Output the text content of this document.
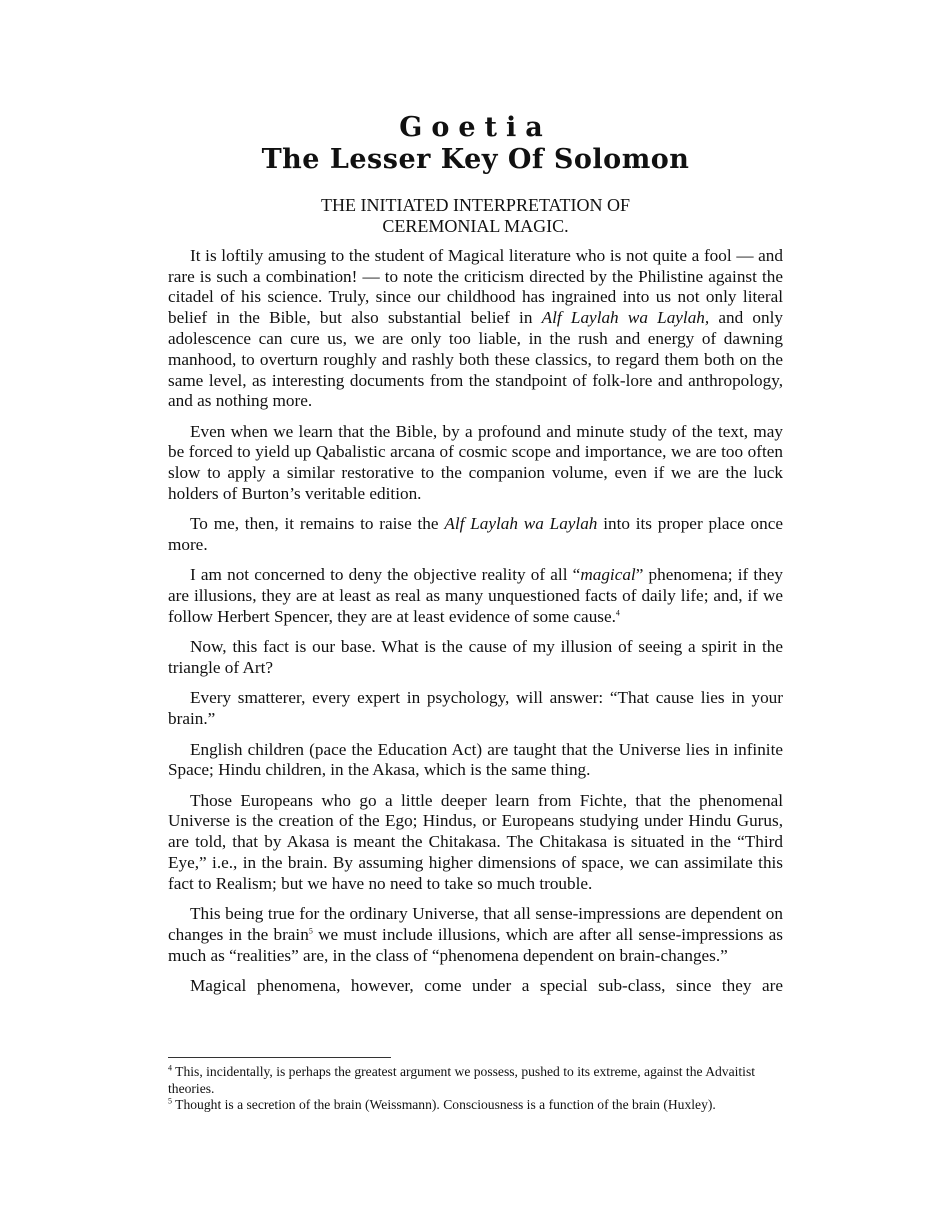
Goetia
The Lesser Key Of Solomon

THE INITIATED INTERPRETATION OF

CEREMONIAL MAGIC.

It is loftily amusing to the student of Magical literature who is not quite a fool — and rare is such a combination! — to note the criticism directed by the Philistine against the citadel of his science. Truly, since our childhood has ingrained into us not only literal belief in the Bible, but also substantial belief in Alf Laylah wa Laylah, and only adolescence can cure us, we are only too liable, in the rush and energy of dawning manhood, to overturn roughly and rashly both these classics, to regard them both on the same level, as interesting documents from the standpoint of folk-lore and anthropology, and as nothing more.

Even when we learn that the Bible, by a profound and minute study of the text, may be forced to yield up Qabalistic arcana of cosmic scope and importance, we are too often slow to apply a similar restorative to the companion volume, even if we are the luck holders of Burton’s veritable edition.

To me, then, it remains to raise the Alf Laylah wa Laylah into its proper place once more.

I am not concerned to deny the objective reality of all “magical” phenomena; if they are illusions, they are at least as real as many unquestioned facts of daily life; and, if we follow Herbert Spencer, they are at least evidence of some cause.$^4$

Now, this fact is our base. What is the cause of my illusion of seeing a spirit in the triangle of Art?

Every smatterer, every expert in psychology, will answer: “That cause lies in your brain.”

English children (pace the Education Act) are taught that the Universe lies in infinite Space; Hindu children, in the Akasa, which is the same thing.

Those Europeans who go a little deeper learn from Fichte, that the phenomenal Universe is the creation of the Ego; Hindus, or Europeans studying under Hindu Gurus, are told, that by Akasa is meant the Chitakasa. The Chitakasa is situated in the “Third Eye,” i.e., in the brain. By assuming higher dimensions of space, we can assimilate this fact to Realism; but we have no need to take so much trouble.

This being true for the ordinary Universe, that all sense-impressions are dependent on changes in the brain$^5$ we must include illusions, which are after all sense-impressions as much as “realities” are, in the class of “phenomena dependent on brain-changes.”

Magical phenomena, however, come under a special sub-class, since they are

$^4$ This, incidentally, is perhaps the greatest argument we possess, pushed to its extreme, against the Advaitist theories.

$^5$ Thought is a secretion of the brain (Weissmann). Consciousness is a function of the brain (Huxley).
